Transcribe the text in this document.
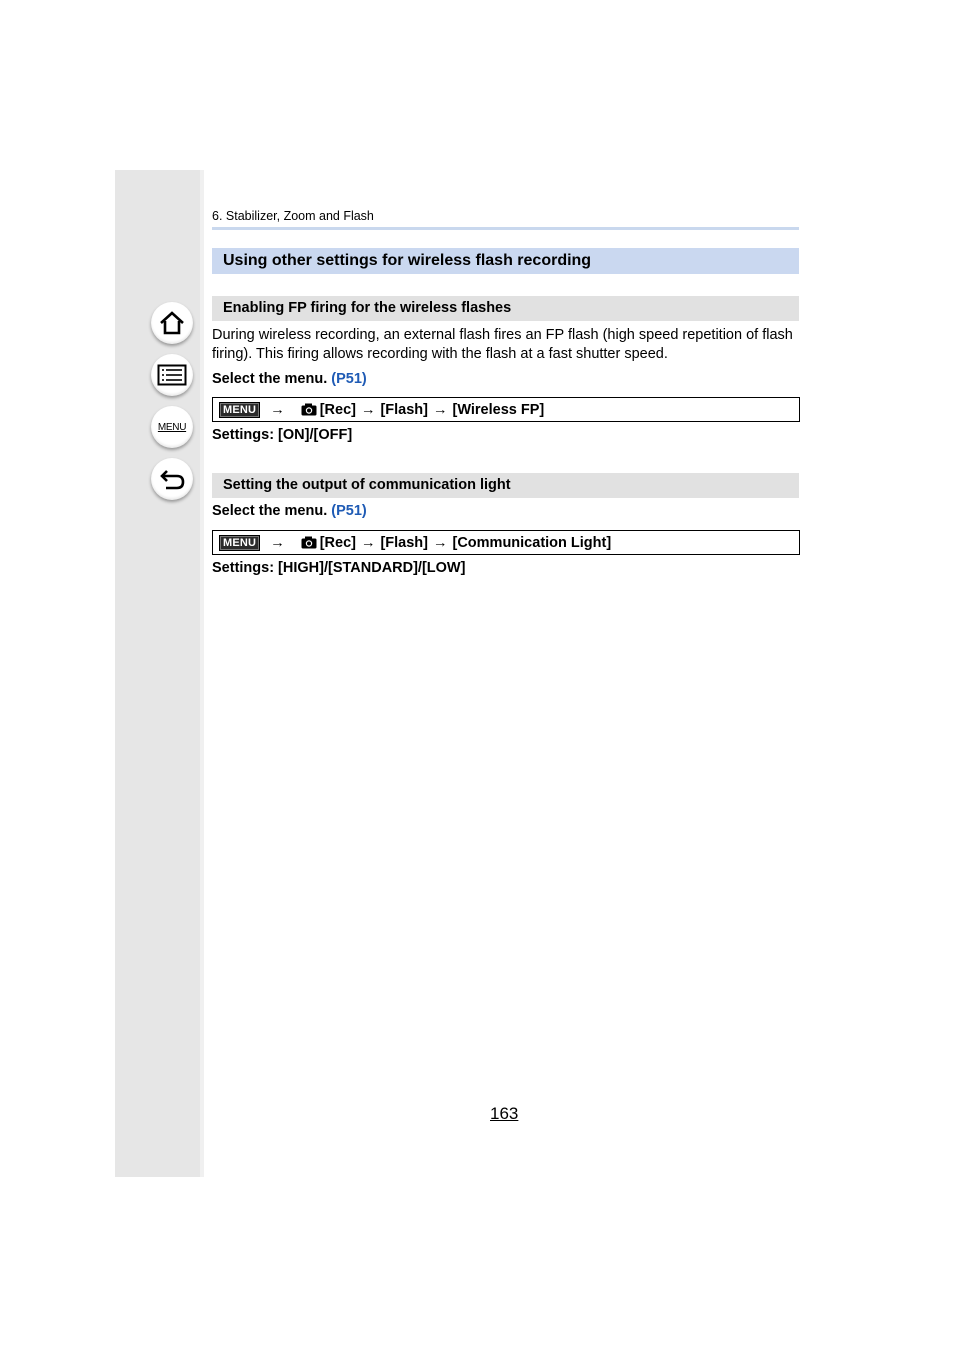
MENU
6. Stabilizer, Zoom and Flash
Using other settings for wireless flash recording
Enabling FP firing for the wireless flashes
During wireless recording, an external flash fires an FP flash (high speed repetition of flash firing). This firing allows recording with the flash at a fast shutter speed.
Select the menu. (P51)
MENU → [Rec] → [Flash] → [Wireless FP]
Settings: [ON]/[OFF]
Setting the output of communication light
Select the menu. (P51)
MENU → [Rec] → [Flash] → [Communication Light]
Settings: [HIGH]/[STANDARD]/[LOW]
163
